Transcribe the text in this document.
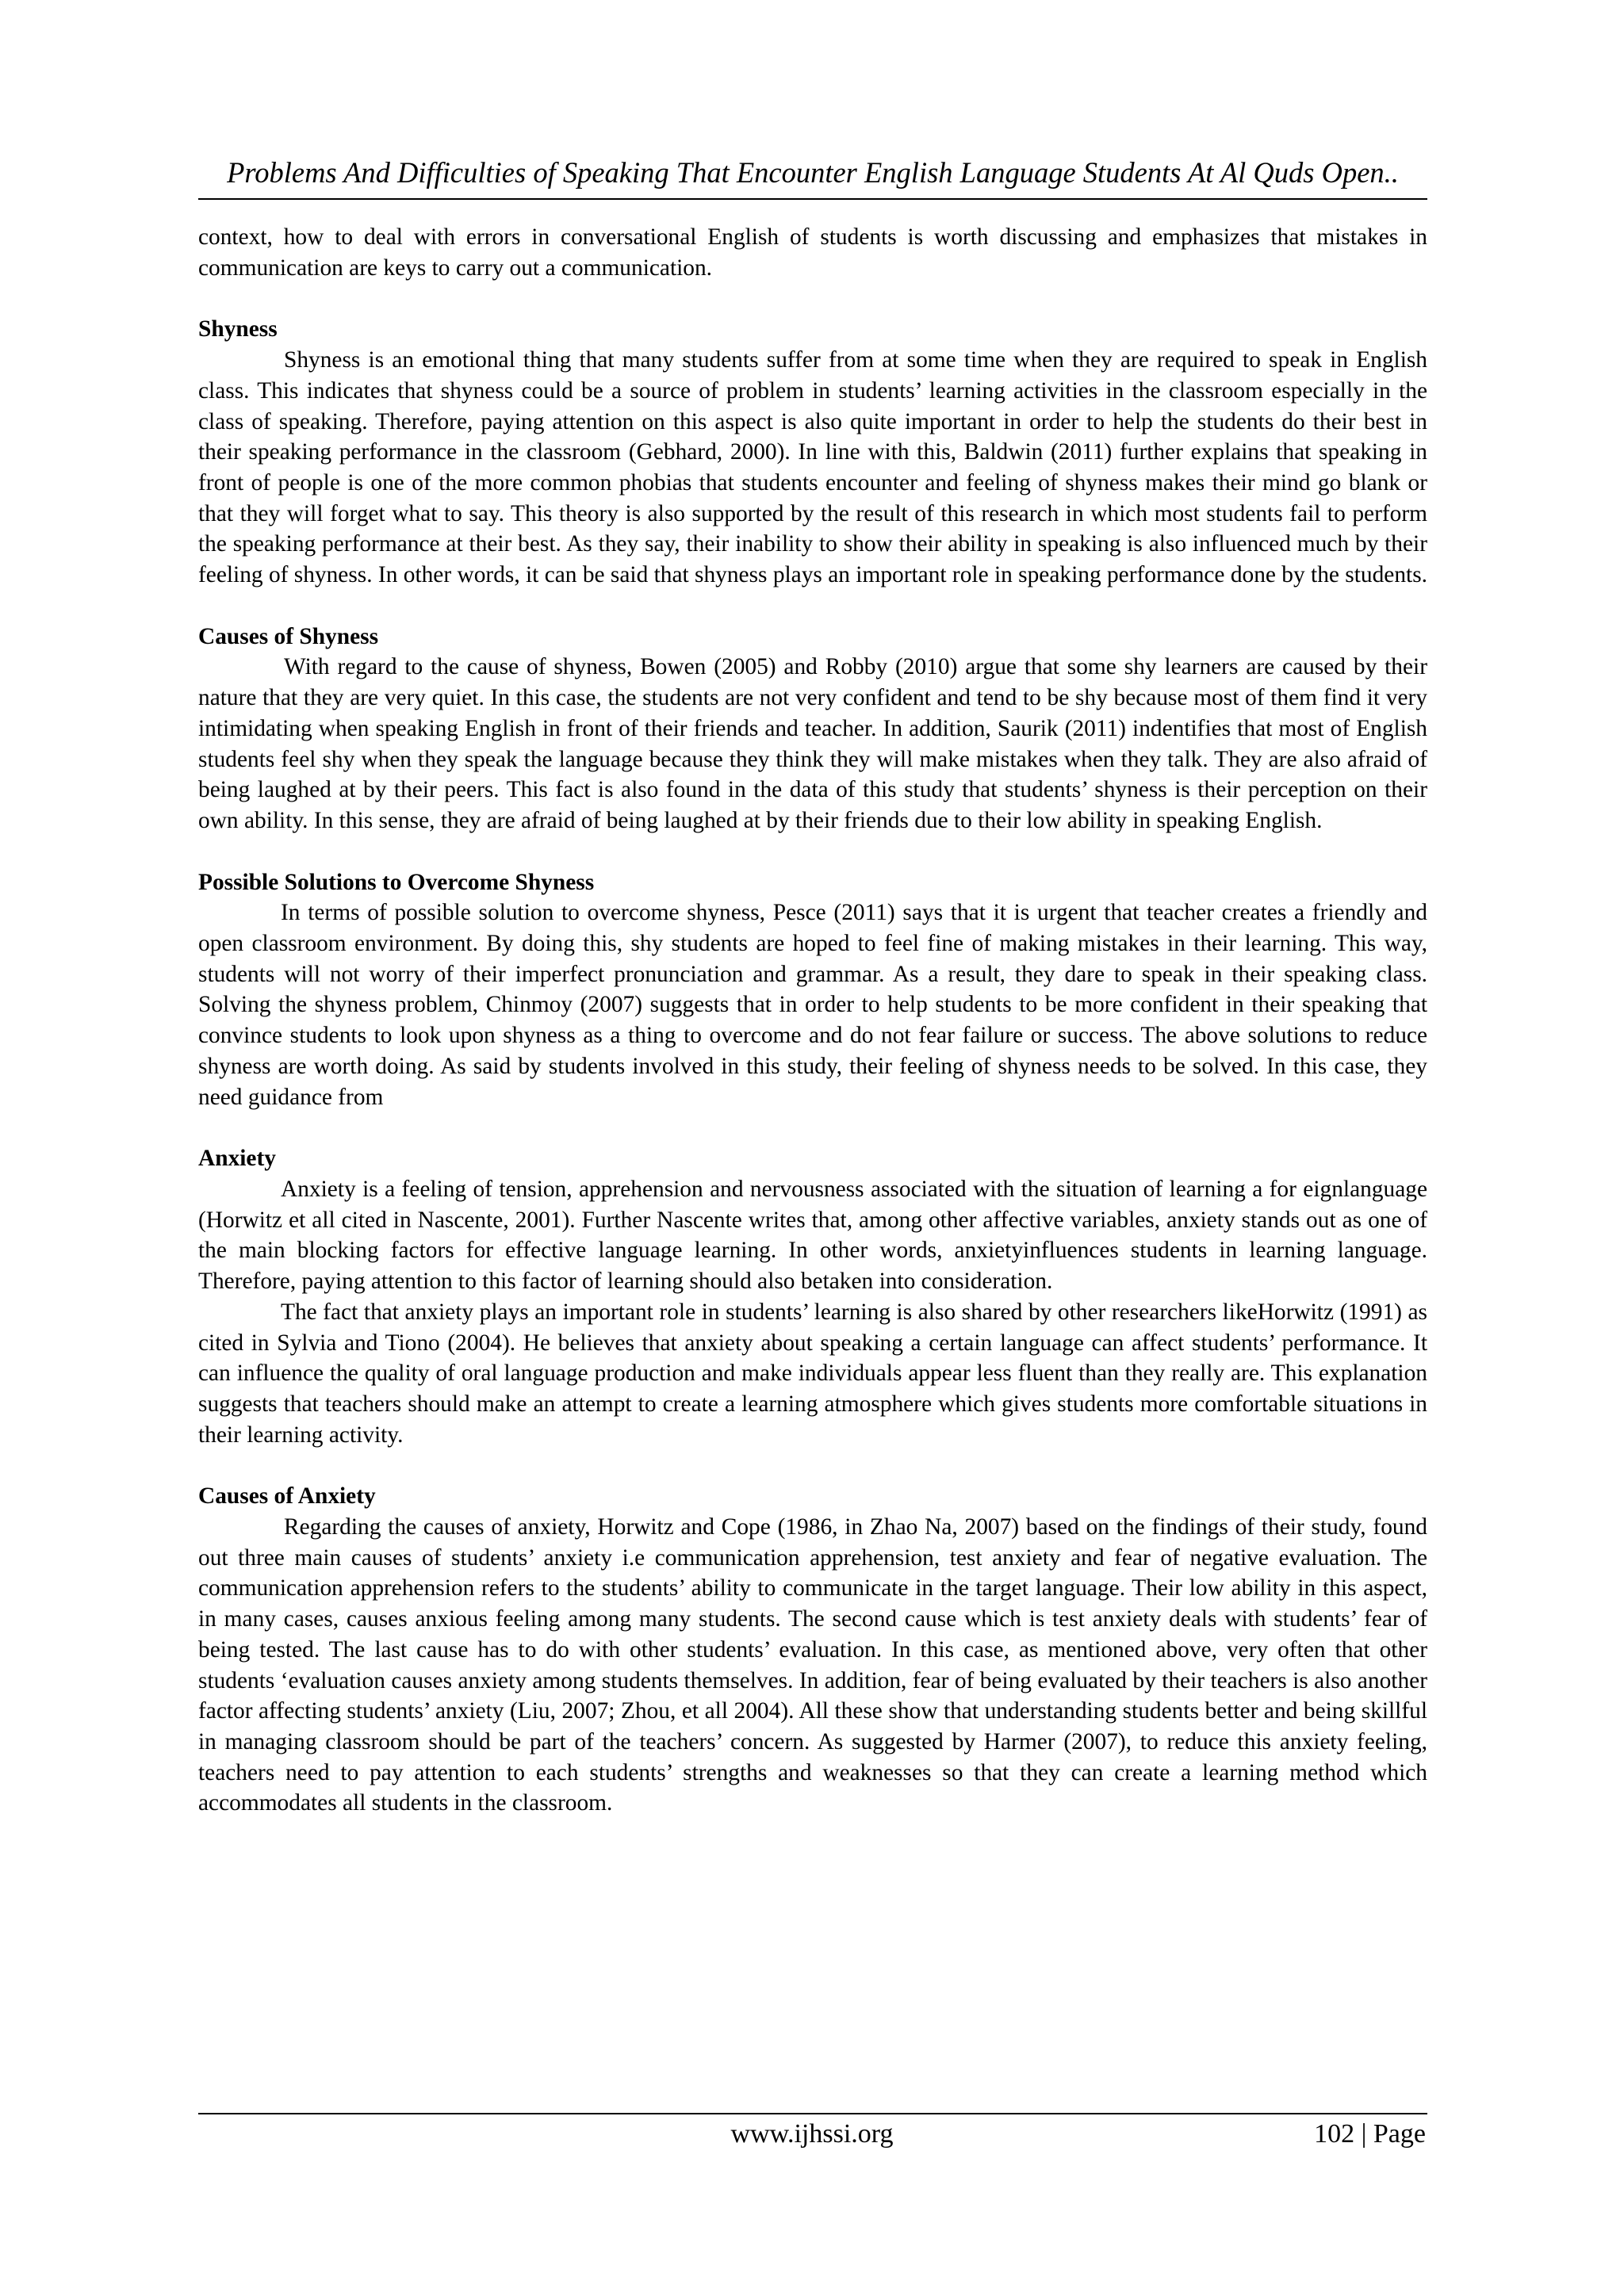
Problems And Difficulties of Speaking That Encounter English Language Students At Al Quds Open..

context, how to deal with errors in conversational English of students is worth discussing and emphasizes that mistakes in communication are keys to carry out a communication.

Shyness

Shyness is an emotional thing that many students suffer from at some time when they are required to speak in English class. This indicates that shyness could be a source of problem in students’ learning activities in the classroom especially in the class of speaking. Therefore, paying attention on this aspect is also quite important in order to help the students do their best in their speaking performance in the classroom (Gebhard, 2000). In line with this, Baldwin (2011) further explains that speaking in front of people is one of the more common phobias that students encounter and feeling of shyness makes their mind go blank or that they will forget what to say. This theory is also supported by the result of this research in which most students fail to perform the speaking performance at their best. As they say, their inability to show their ability in speaking is also influenced much by their feeling of shyness. In other words, it can be said that shyness plays an important role in speaking performance done by the students.

Causes of Shyness

With regard to the cause of shyness, Bowen (2005) and Robby (2010) argue that some shy learners are caused by their nature that they are very quiet. In this case, the students are not very confident and tend to be shy because most of them find it very intimidating when speaking English in front of their friends and teacher. In addition, Saurik (2011) indentifies that most of English students feel shy when they speak the language because they think they will make mistakes when they talk. They are also afraid of being laughed at by their peers. This fact is also found in the data of this study that students’ shyness is their perception on their own ability. In this sense, they are afraid of being laughed at by their friends due to their low ability in speaking English.

Possible Solutions to Overcome Shyness

In terms of possible solution to overcome shyness, Pesce (2011) says that it is urgent that teacher creates a friendly and open classroom environment. By doing this, shy students are hoped to feel fine of making mistakes in their learning. This way, students will not worry of their imperfect pronunciation and grammar. As a result, they dare to speak in their speaking class. Solving the shyness problem, Chinmoy (2007) suggests that in order to help students to be more confident in their speaking that convince students to look upon shyness as a thing to overcome and do not fear failure or success. The above solutions to reduce shyness are worth doing. As said by students involved in this study, their feeling of shyness needs to be solved. In this case, they need guidance from

Anxiety

Anxiety is a feeling of tension, apprehension and nervousness associated with the situation of learning a for eignlanguage (Horwitz et all cited in Nascente, 2001). Further Nascente writes that, among other affective variables, anxiety stands out as one of the main blocking factors for effective language learning. In other words, anxietyinfluences students in learning language. Therefore, paying attention to this factor of learning should also betaken into consideration.

The fact that anxiety plays an important role in students’ learning is also shared by other researchers likeHorwitz (1991) as cited in Sylvia and Tiono (2004). He believes that anxiety about speaking a certain language can affect students’ performance. It can influence the quality of oral language production and make individuals appear less fluent than they really are. This explanation suggests that teachers should make an attempt to create a learning atmosphere which gives students more comfortable situations in their learning activity.

Causes of Anxiety

Regarding the causes of anxiety, Horwitz and Cope (1986, in Zhao Na, 2007) based on the findings of their study, found out three main causes of students’ anxiety i.e communication apprehension, test anxiety and fear of negative evaluation. The communication apprehension refers to the students’ ability to communicate in the target language. Their low ability in this aspect, in many cases, causes anxious feeling among many students. The second cause which is test anxiety deals with students’ fear of being tested. The last cause has to do with other students’ evaluation. In this case, as mentioned above, very often that other students ‘evaluation causes anxiety among students themselves. In addition, fear of being evaluated by their teachers is also another factor affecting students’ anxiety (Liu, 2007; Zhou, et all 2004). All these show that understanding students better and being skillful in managing classroom should be part of the teachers’ concern. As suggested by Harmer (2007), to reduce this anxiety feeling, teachers need to pay attention to each students’ strengths and weaknesses so that they can create a learning method which accommodates all students in the classroom.

www.ijhssi.org	102 | Page
